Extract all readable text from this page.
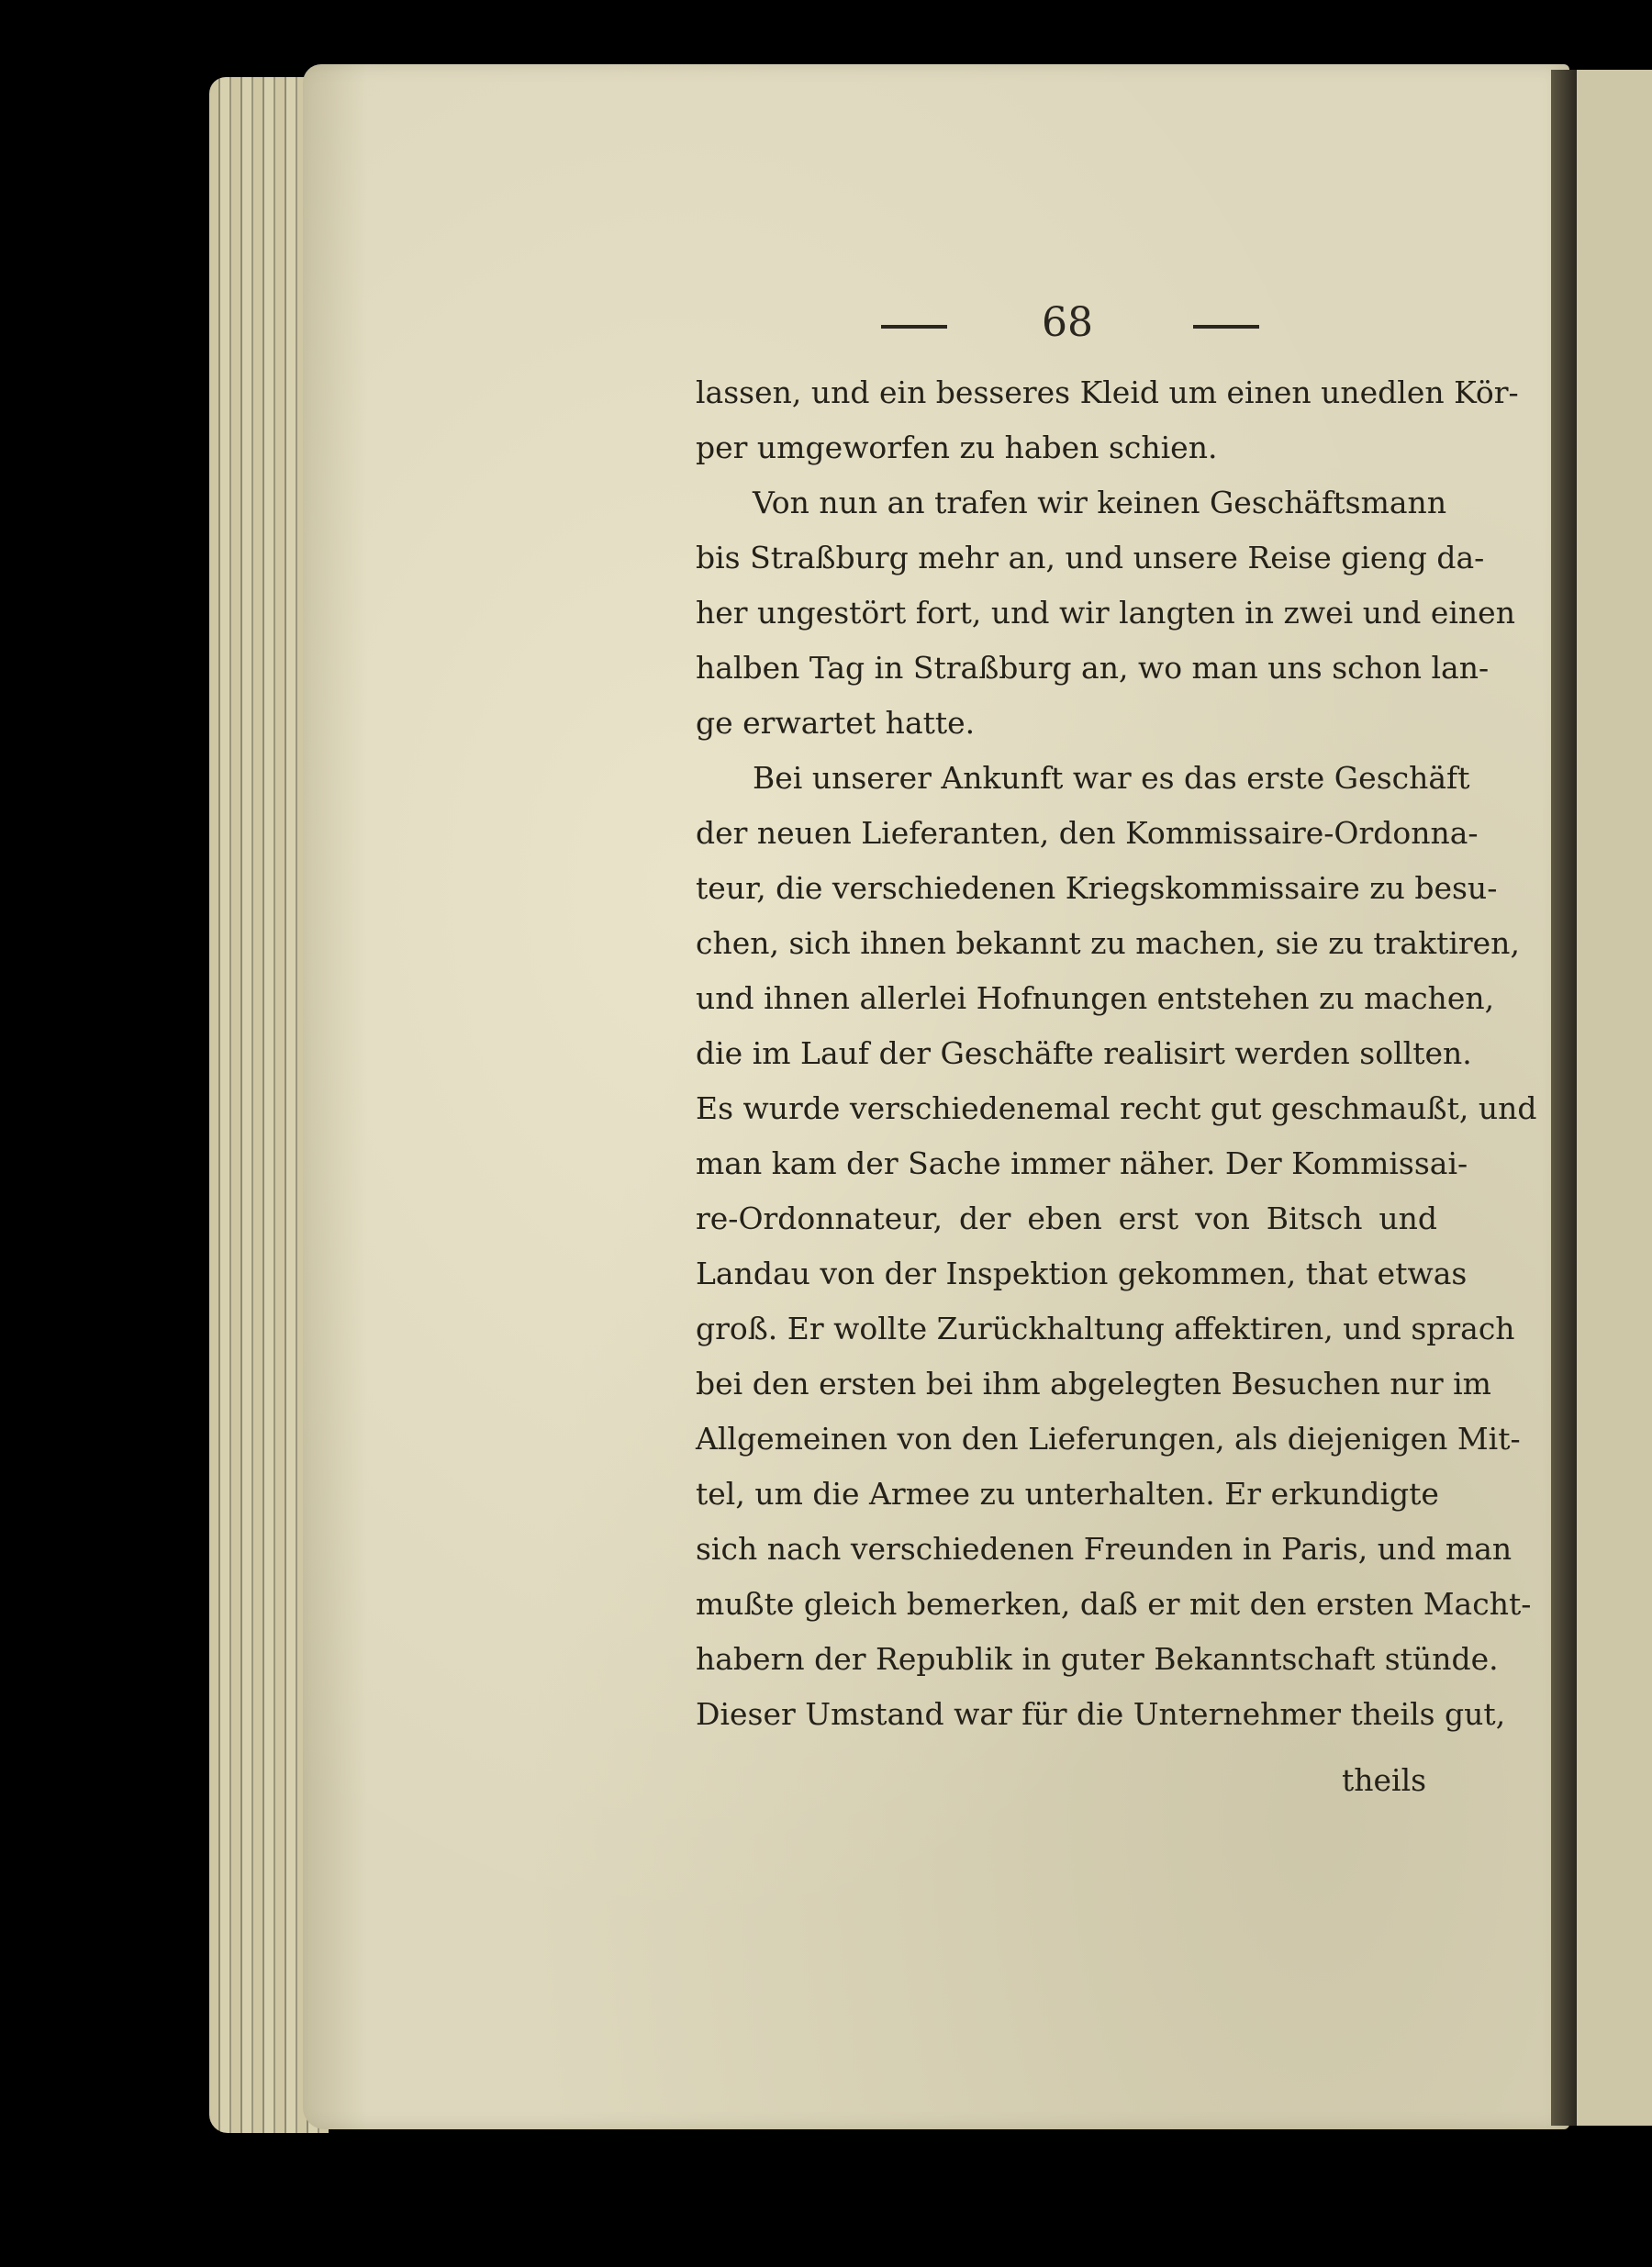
68
lassen, und ein besseres Kleid um einen unedlen Kör-
per umgeworfen zu haben schien.
Von nun an trafen wir keinen Geschäftsmann
bis Straßburg mehr an, und unsere Reise gieng da-
her ungestört fort, und wir langten in zwei und einen
halben Tag in Straßburg an, wo man uns schon lan-
ge erwartet hatte.
Bei unserer Ankunft war es das erste Geschäft
der neuen Lieferanten, den Kommissaire-Ordonna-
teur, die verschiedenen Kriegskommissaire zu besu-
chen, sich ihnen bekannt zu machen, sie zu traktiren,
und ihnen allerlei Hofnungen entstehen zu machen,
die im Lauf der Geschäfte realisirt werden sollten.
Es wurde verschiedenemal recht gut geschmaußt, und
man kam der Sache immer näher. Der Kommissai-
re-Ordonnateur, der eben erst von Bitsch und
Landau von der Inspektion gekommen, that etwas
groß. Er wollte Zurückhaltung affektiren, und sprach
bei den ersten bei ihm abgelegten Besuchen nur im
Allgemeinen von den Lieferungen, als diejenigen Mit-
tel, um die Armee zu unterhalten. Er erkundigte
sich nach verschiedenen Freunden in Paris, und man
mußte gleich bemerken, daß er mit den ersten Macht-
habern der Republik in guter Bekanntschaft stünde.
Dieser Umstand war für die Unternehmer theils gut,
theils
